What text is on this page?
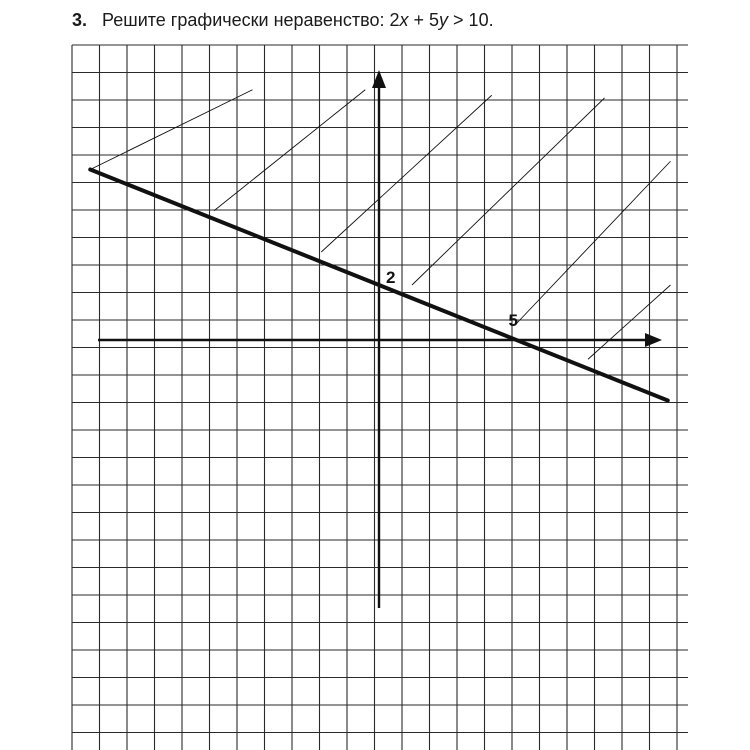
3. Решите графически неравенство: 2x + 5y > 10.
2
5
